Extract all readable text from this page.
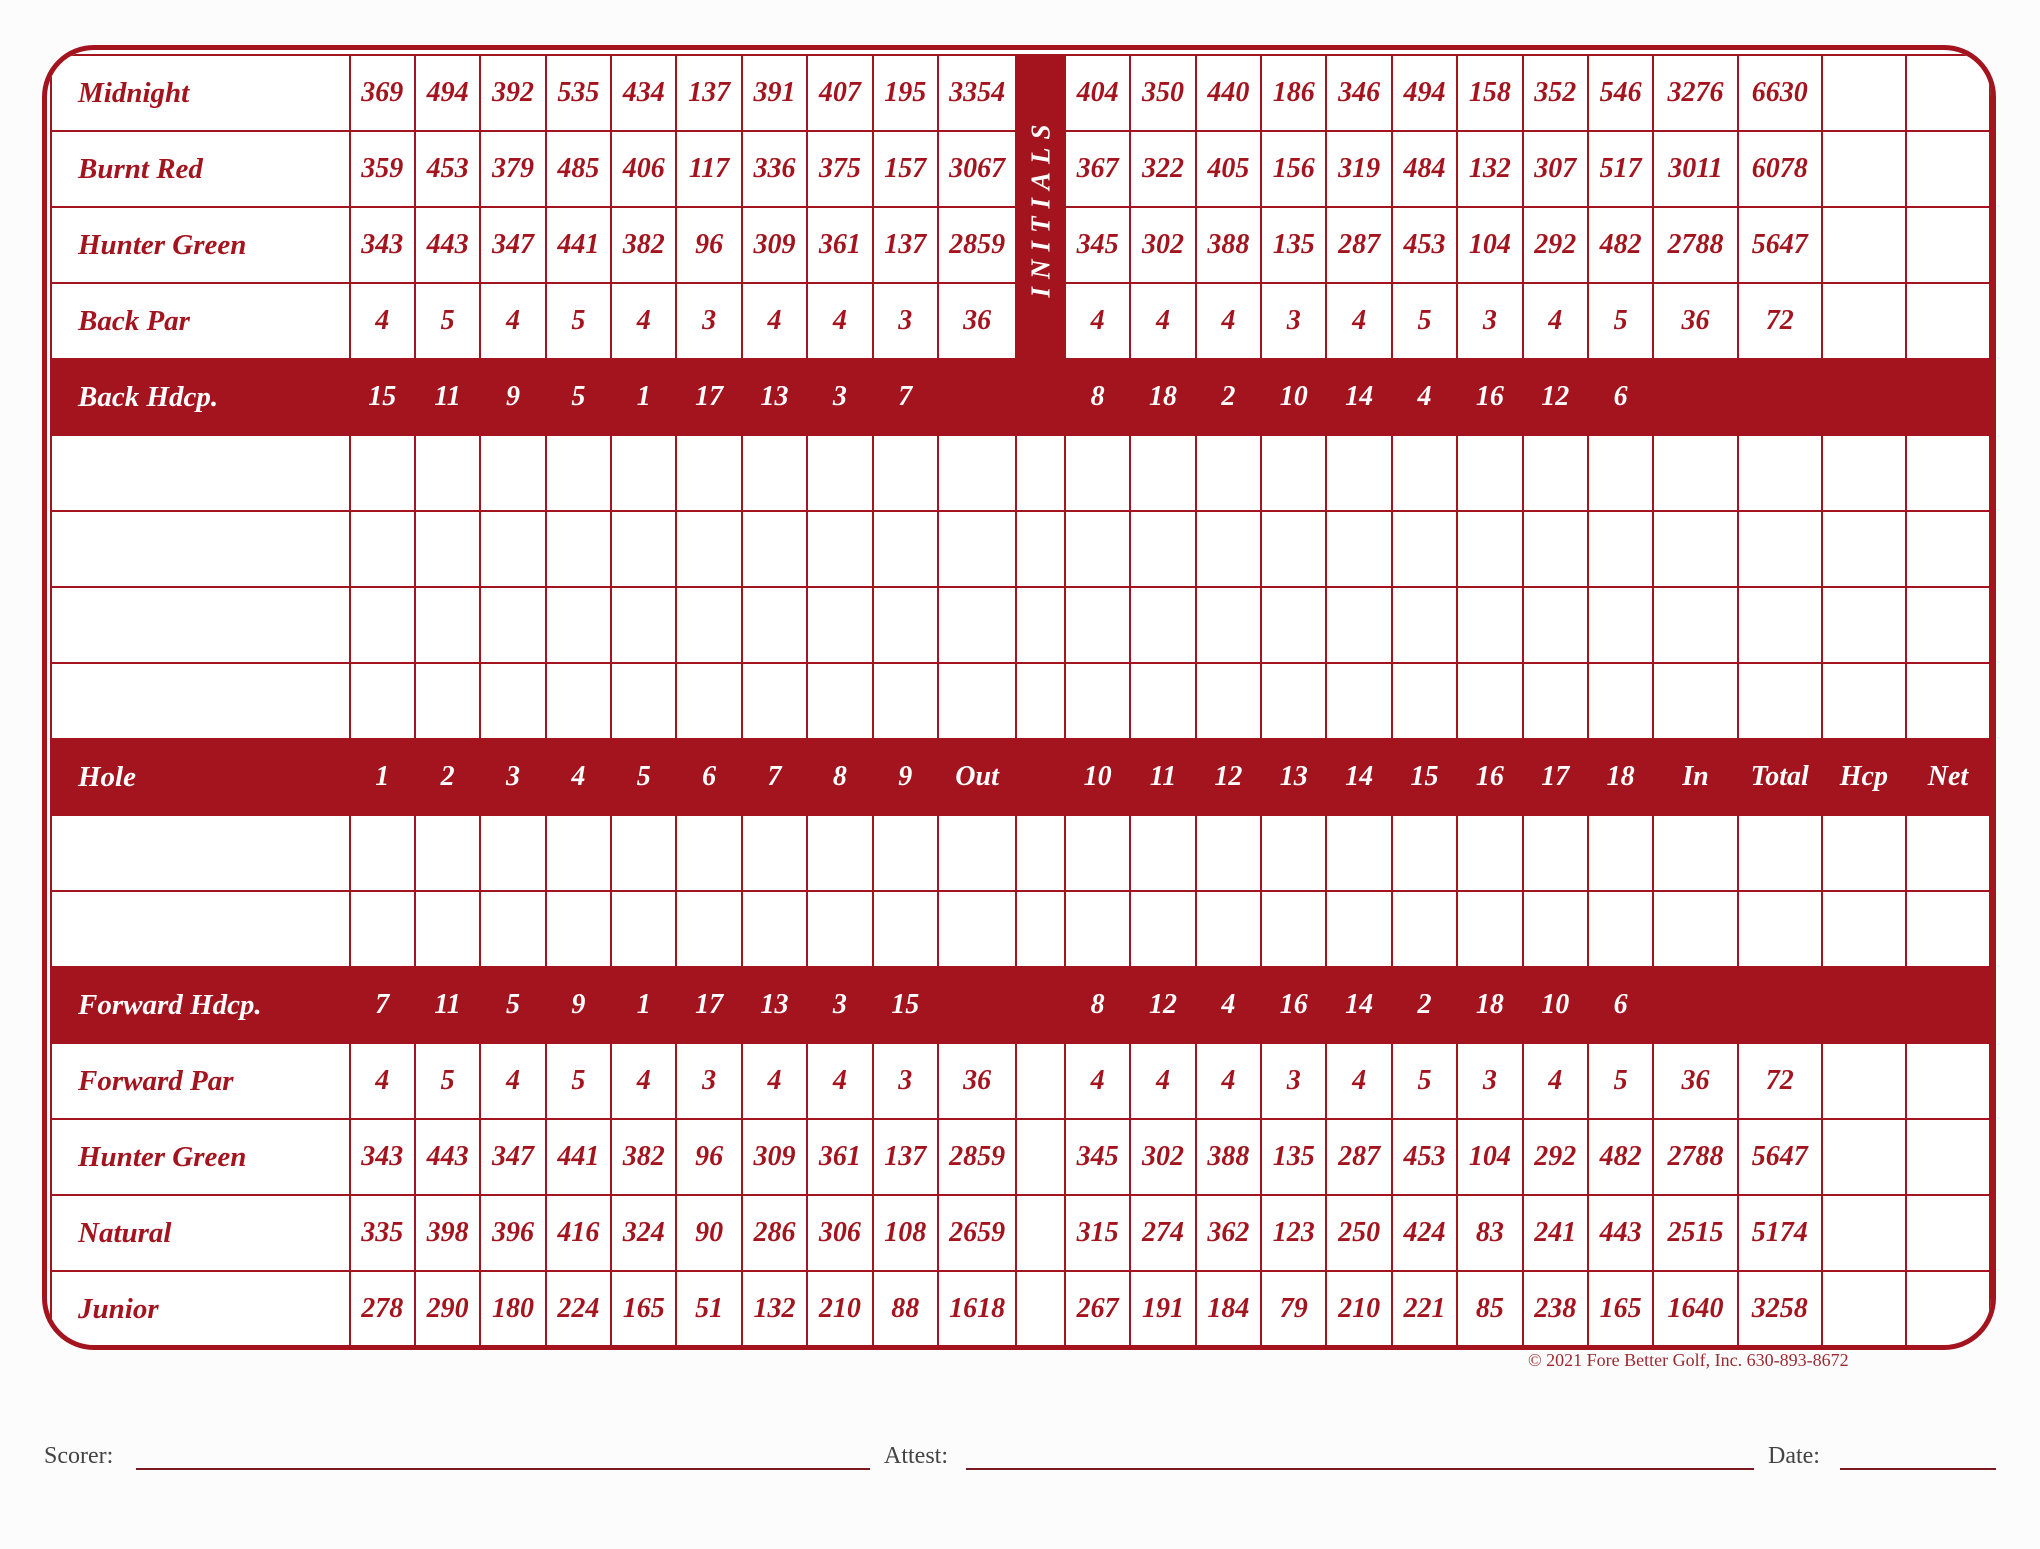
Midnight	369	494	392	535	434	137	391	407	195	3354	INITIALS	404	350	440	186	346	494	158	352	546	3276	6630		
Burnt Red	359	453	379	485	406	117	336	375	157	3067		367	322	405	156	319	484	132	307	517	3011	6078		
Hunter Green	343	443	347	441	382	96	309	361	137	2859		345	302	388	135	287	453	104	292	482	2788	5647		
Back Par	4	5	4	5	4	3	4	4	3	36		4	4	4	3	4	5	3	4	5	36	72		
Back Hdcp.	15	11	9	5	1	17	13	3	7			8	18	2	10	14	4	16	12	6				

Hole	1	2	3	4	5	6	7	8	9	Out		10	11	12	13	14	15	16	17	18	In	Total	Hcp	Net

Forward Hdcp.	7	11	5	9	1	17	13	3	15			8	12	4	16	14	2	18	10	6				
Forward Par	4	5	4	5	4	3	4	4	3	36		4	4	4	3	4	5	3	4	5	36	72		
Hunter Green	343	443	347	441	382	96	309	361	137	2859		345	302	388	135	287	453	104	292	482	2788	5647		
Natural	335	398	396	416	324	90	286	306	108	2659		315	274	362	123	250	424	83	241	443	2515	5174		
Junior	278	290	180	224	165	51	132	210	88	1618		267	191	184	79	210	221	85	238	165	1640	3258		
© 2021 Fore Better Golf, Inc. 630-893-8672
Scorer:	Attest:	Date:
